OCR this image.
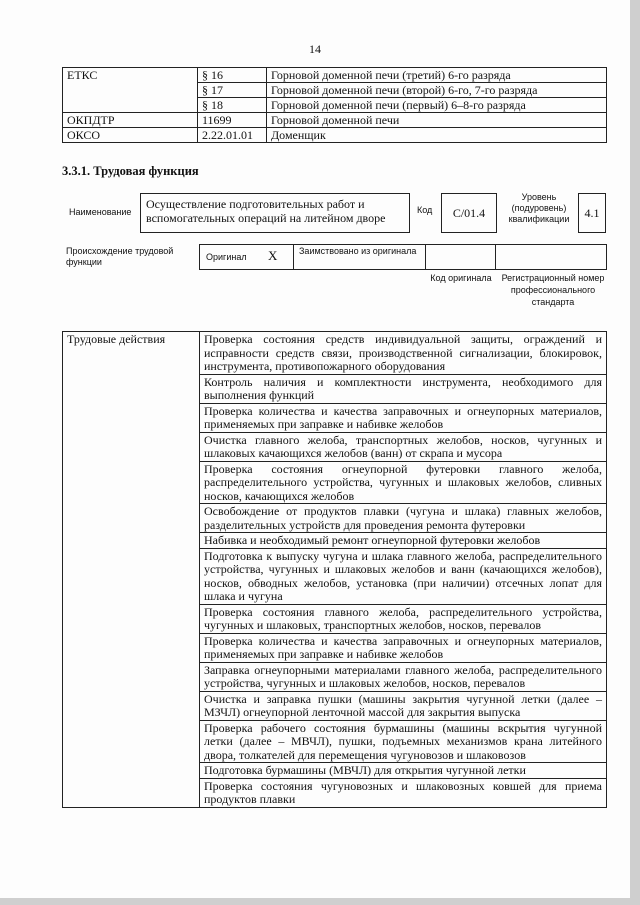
14
ЕТКС	§ 16	Горновой доменной печи (третий) 6-го разряда
	§ 17	Горновой доменной печи (второй) 6-го, 7-го разряда
	§ 18	Горновой доменной печи (первый) 6–8-го разряда
ОКПДТР	11699	Горновой доменной печи
ОКСО	2.22.01.01	Доменщик
3.3.1. Трудовая функция
Наименование
Осуществление подготовительных работ и вспомогательных операций на литейном дворе
Код	C/01.4
Уровень (подуровень) квалификации	4.1
Происхождение трудовой функции	Оригинал X Заимствовано из оригинала
Код оригинала	Регистрационный номер профессионального стандарта
Трудовые действия	Проверка состояния средств индивидуальной защиты, ограждений и исправности средств связи, производственной сигнализации, блокировок, инструмента, противопожарного оборудования
Контроль наличия и комплектности инструмента, необходимого для выполнения функций
Проверка количества и качества заправочных и огнеупорных материалов, применяемых при заправке и набивке желобов
Очистка главного желоба, транспортных желобов, носков, чугунных и шлаковых качающихся желобов (ванн) от скрапа и мусора
Проверка состояния огнеупорной футеровки главного желоба, распределительного устройства, чугунных и шлаковых желобов, сливных носков, качающихся желобов
Освобождение от продуктов плавки (чугуна и шлака) главных желобов, разделительных устройств для проведения ремонта футеровки
Набивка и необходимый ремонт огнеупорной футеровки желобов
Подготовка к выпуску чугуна и шлака главного желоба, распределительного устройства, чугунных и шлаковых желобов и ванн (качающихся желобов), носков, обводных желобов, установка (при наличии) отсечных лопат для шлака и чугуна
Проверка состояния главного желоба, распределительного устройства, чугунных и шлаковых, транспортных желобов, носков, перевалов
Проверка количества и качества заправочных и огнеупорных материалов, применяемых при заправке и набивке желобов
Заправка огнеупорными материалами главного желоба, распределительного устройства, чугунных и шлаковых желобов, носков, перевалов
Очистка и заправка пушки (машины закрытия чугунной летки (далее – МЗЧЛ) огнеупорной ленточной массой для закрытия выпуска
Проверка рабочего состояния бурмашины (машины вскрытия чугунной летки (далее – МВЧЛ), пушки, подъемных механизмов крана литейного двора, толкателей для перемещения чугуновозов и шлаковозов
Подготовка бурмашины (МВЧЛ) для открытия чугунной летки
Проверка состояния чугуновозных и шлаковозных ковшей для приема продуктов плавки
